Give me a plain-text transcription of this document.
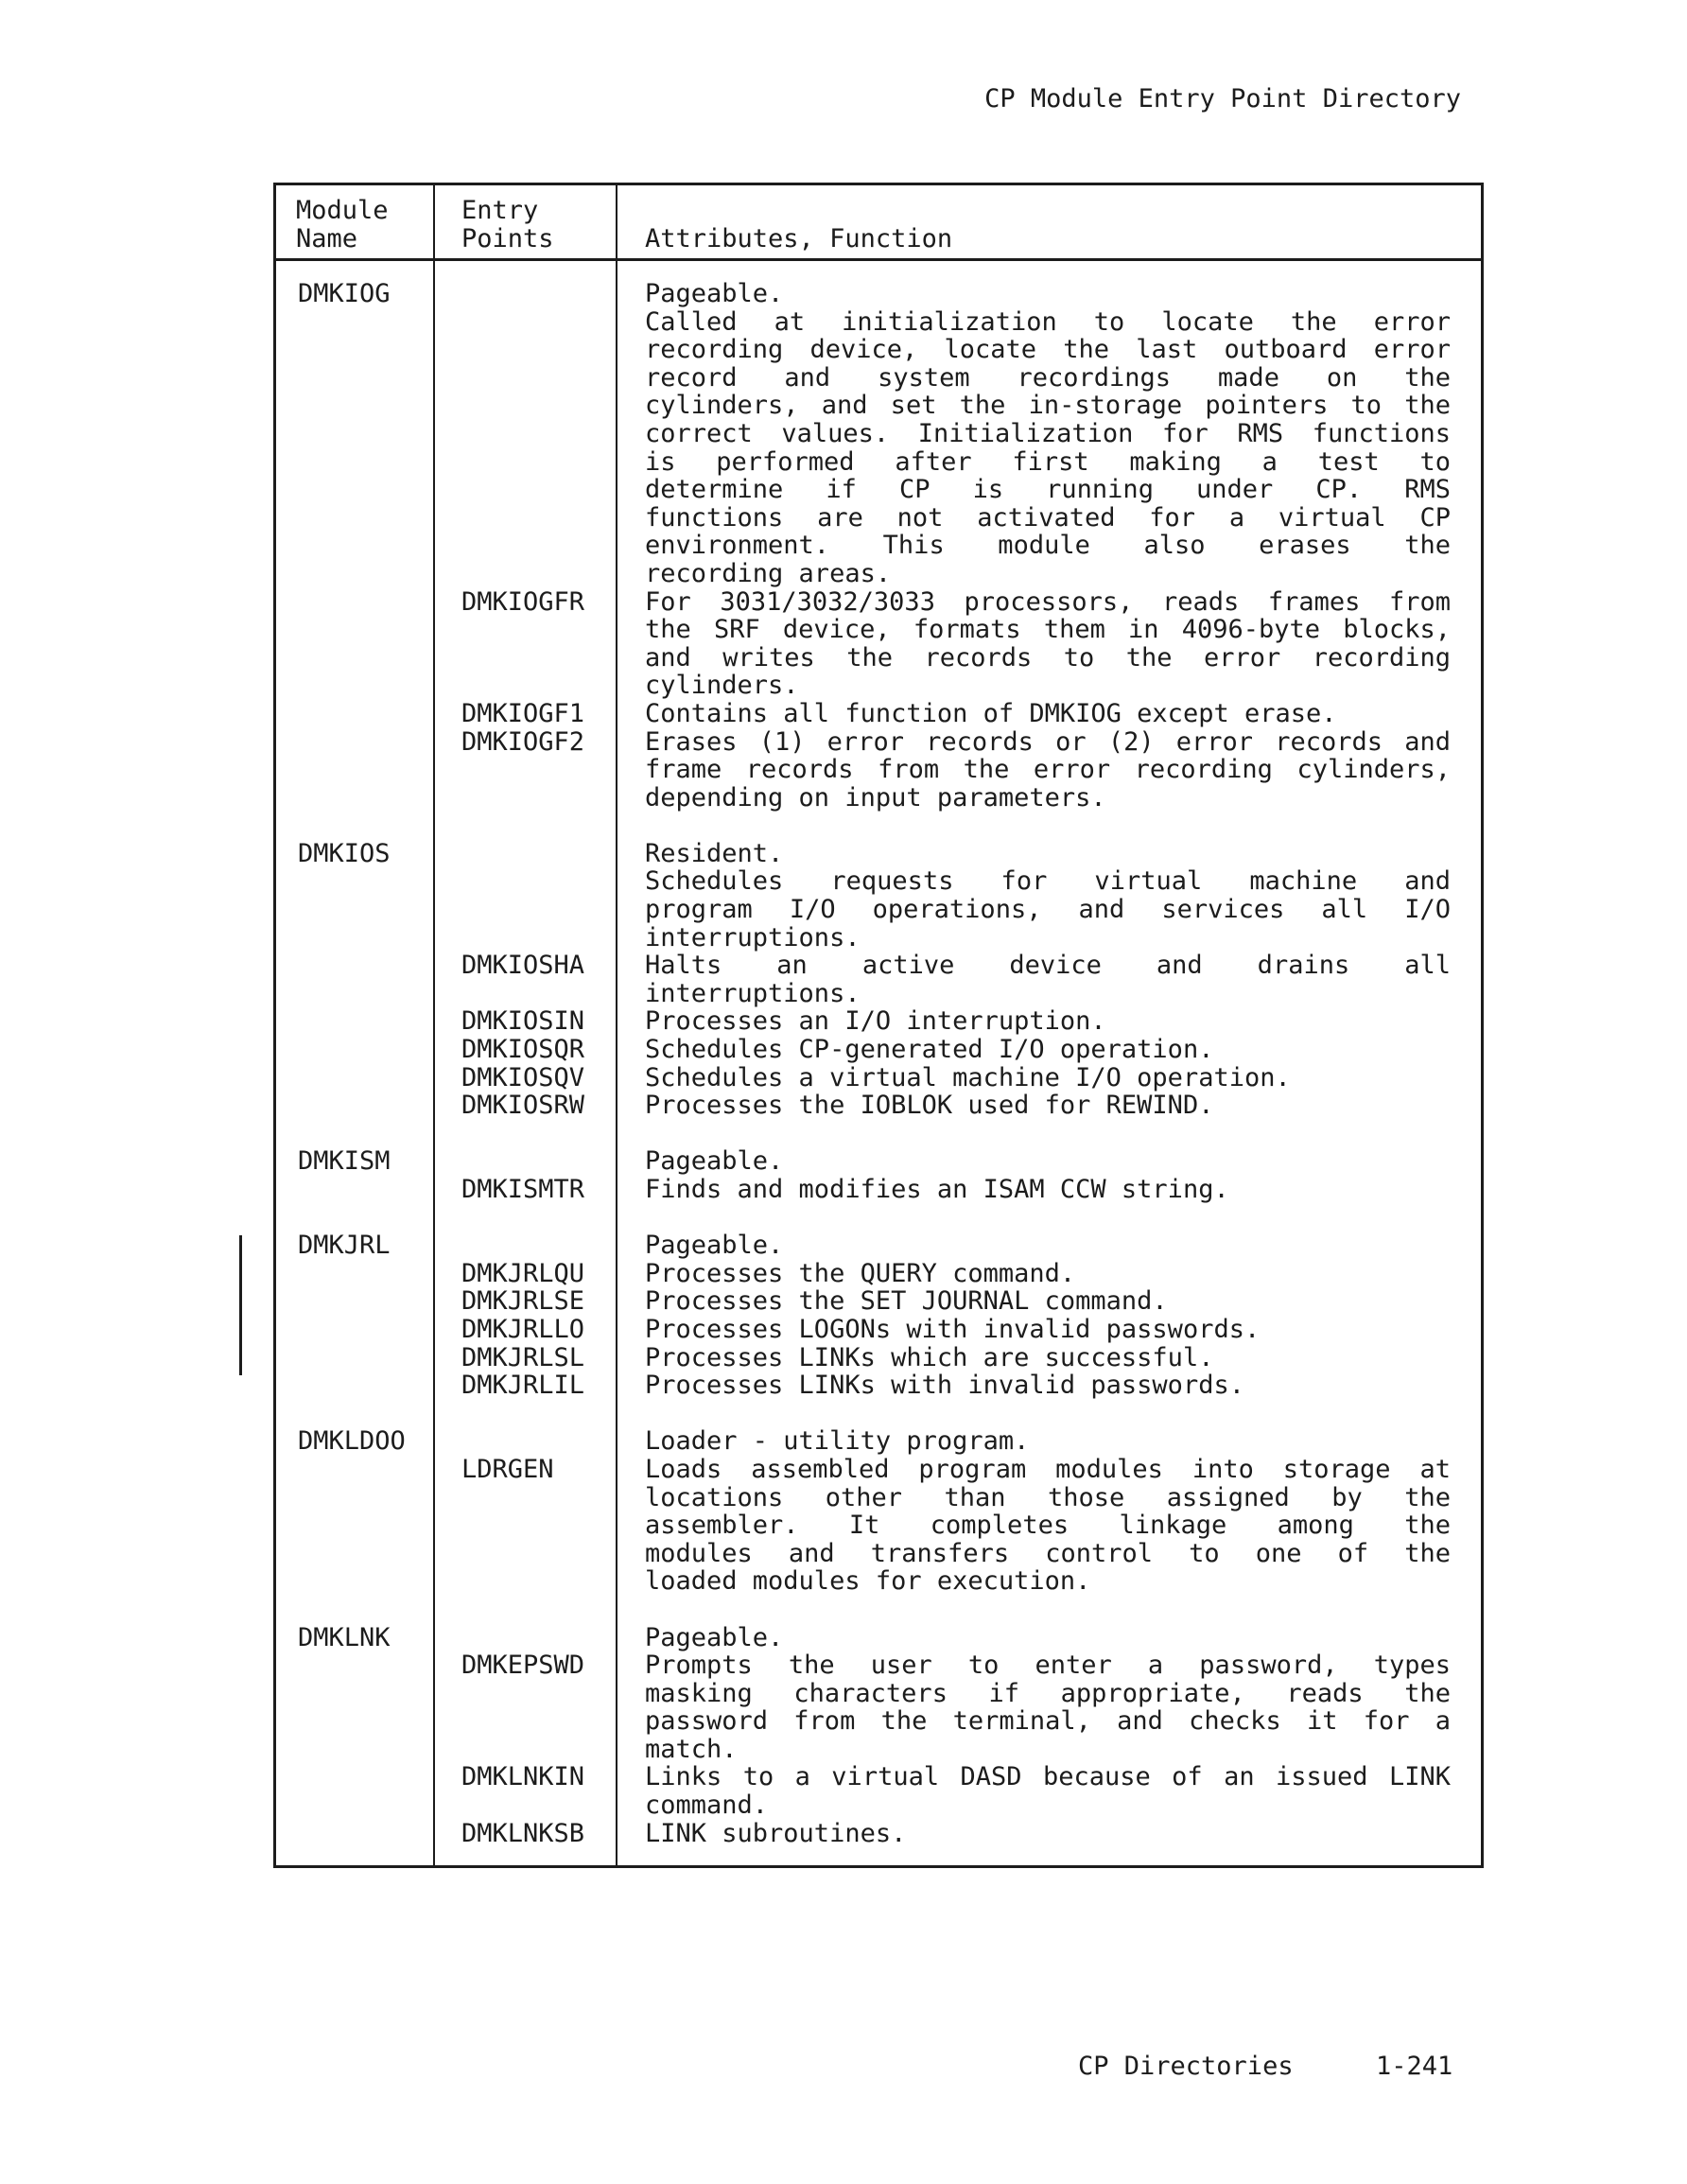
CP Module Entry Point Directory
Module
Name
Entry
Points	Attributes, Function
DMKIOG	Pageable.
Called at initialization to locate the error
recording device, locate the last outboard error
record and system recordings made on the
cylinders, and set the in-storage pointers to the
correct values. Initialization for RMS functions
is performed after first making a test to
determine if CP is running under CP. RMS
functions are not activated for a virtual CP
environment. This module also erases the
recording areas.
DMKIOGFR For 3031/3032/3033 processors, reads frames from
the SRF device, formats them in 4096-byte blocks,
and writes the records to the error recording
cylinders.
DMKIOGF1 Contains all function of DMKIOG except erase.
DMKIOGF2 Erases (1) error records or (2) error records and
frame records from the error recording cylinders,
depending on input parameters.
DMKIOS	Resident.
Schedules requests for virtual machine and
program I/O operations, and services all I/O
interruptions.
DMKIOSHA Halts an active device and drains all
interruptions.
DMKIOSIN Processes an I/O interruption.
DMKIOSQR Schedules CP-generated I/O operation.
DMKIOSQV Schedules a virtual machine I/O operation.
DMKIOSRW Processes the IOBLOK used for REWIND.
DMKISM	Pageable.
DMKISMTR Finds and modifies an ISAM CCW string.
DMKJRL	Pageable.
DMKJRLQU Processes the QUERY command.
DMKJRLSE Processes the SET JOURNAL command.
DMKJRLLO Processes LOGONs with invalid passwords.
DMKJRLSL Processes LINKs which are successful.
DMKJRLIL Processes LINKs with invalid passwords.
DMKLDOO	Loader - utility program.
LDRGEN	Loads assembled program modules into storage at
locations other than those assigned by the
assembler. It completes linkage among the
modules and transfers control to one of the
loaded modules for execution.
DMKLNK	Pageable.
DMKEPSWD Prompts the user to enter a password, types
masking characters if appropriate, reads the
password from the terminal, and checks it for a
match.
DMKLNKIN Links to a virtual DASD because of an issued LINK
command.
DMKLNKSB LINK subroutines.
CP Directories	1-241
